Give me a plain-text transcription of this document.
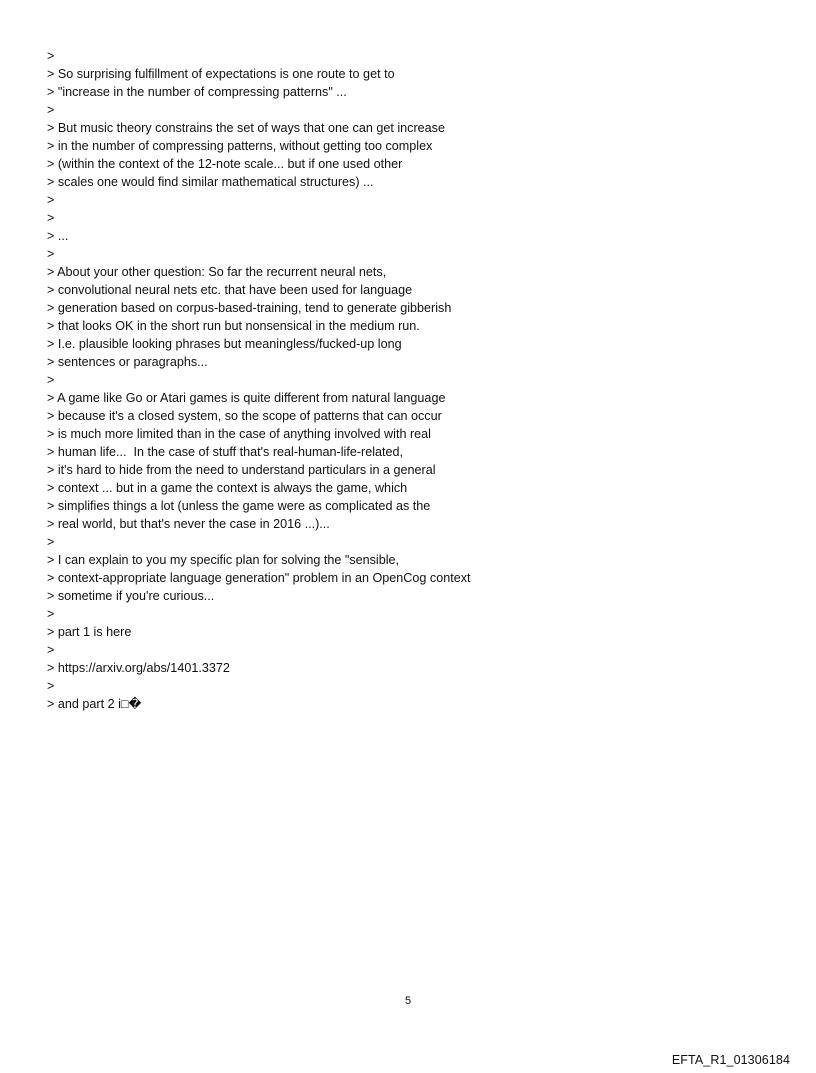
>

> So surprising fulfillment of expectations is one route to get to

> "increase in the number of compressing patterns" ...

>

> But music theory constrains the set of ways that one can get increase

> in the number of compressing patterns, without getting too complex

> (within the context of the 12-note scale... but if one used other

> scales one would find similar mathematical structures) ...

>

>

> ...

>

> About your other question: So far the recurrent neural nets,

> convolutional neural nets etc. that have been used for language

> generation based on corpus-based-training, tend to generate gibberish

> that looks OK in the short run but nonsensical in the medium run.

> I.e. plausible looking phrases but meaningless/fucked-up long

> sentences or paragraphs...

>

> A game like Go or Atari games is quite different from natural language

> because it's a closed system, so the scope of patterns that can occur

> is much more limited than in the case of anything involved with real

> human life...  In the case of stuff that's real-human-life-related,

> it's hard to hide from the need to understand particulars in a general

> context ... but in a game the context is always the game, which

> simplifies things a lot (unless the game were as complicated as the

> real world, but that's never the case in 2016 ...)...

>

> I can explain to you my specific plan for solving the "sensible,

> context-appropriate language generation" problem in an OpenCog context

> sometime if you're curious...

>

> part 1 is here

>

> https://arxiv.org/abs/1401.3372

>

> and part 2 i□�

5
EFTA_R1_01306184
